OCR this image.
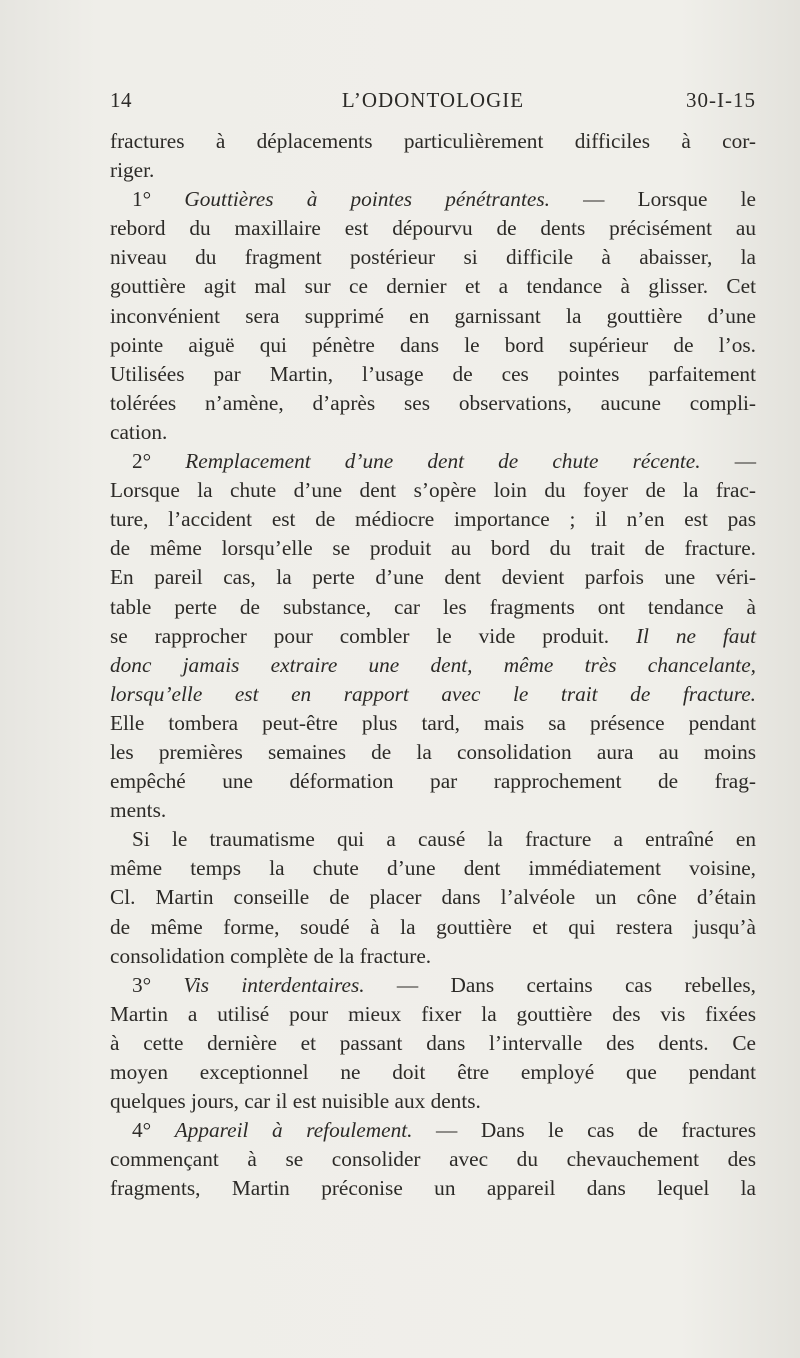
14	L’ODONTOLOGIE	30-I-15
fractures à déplacements particulièrement difficiles à cor-
riger.
1° Gouttières à pointes pénétrantes. — Lorsque le
rebord du maxillaire est dépourvu de dents précisément au
niveau du fragment postérieur si difficile à abaisser, la
gouttière agit mal sur ce dernier et a tendance à glisser. Cet
inconvénient sera supprimé en garnissant la gouttière d’une
pointe aiguë qui pénètre dans le bord supérieur de l’os.
Utilisées par Martin, l’usage de ces pointes parfaitement
tolérées n’amène, d’après ses observations, aucune compli-
cation.
2° Remplacement d’une dent de chute récente. —
Lorsque la chute d’une dent s’opère loin du foyer de la frac-
ture, l’accident est de médiocre importance ; il n’en est pas
de même lorsqu’elle se produit au bord du trait de fracture.
En pareil cas, la perte d’une dent devient parfois une véri-
table perte de substance, car les fragments ont tendance à
se rapprocher pour combler le vide produit. Il ne faut
donc jamais extraire une dent, même très chancelante,
lorsqu’elle est en rapport avec le trait de fracture.
Elle tombera peut-être plus tard, mais sa présence pendant
les premières semaines de la consolidation aura au moins
empêché une déformation par rapprochement de frag-
ments.
Si le traumatisme qui a causé la fracture a entraîné en
même temps la chute d’une dent immédiatement voisine,
Cl. Martin conseille de placer dans l’alvéole un cône d’étain
de même forme, soudé à la gouttière et qui restera jusqu’à
consolidation complète de la fracture.
3° Vis interdentaires. — Dans certains cas rebelles,
Martin a utilisé pour mieux fixer la gouttière des vis fixées
à cette dernière et passant dans l’intervalle des dents. Ce
moyen exceptionnel ne doit être employé que pendant
quelques jours, car il est nuisible aux dents.
4° Appareil à refoulement. — Dans le cas de fractures
commençant à se consolider avec du chevauchement des
fragments, Martin préconise un appareil dans lequel la
